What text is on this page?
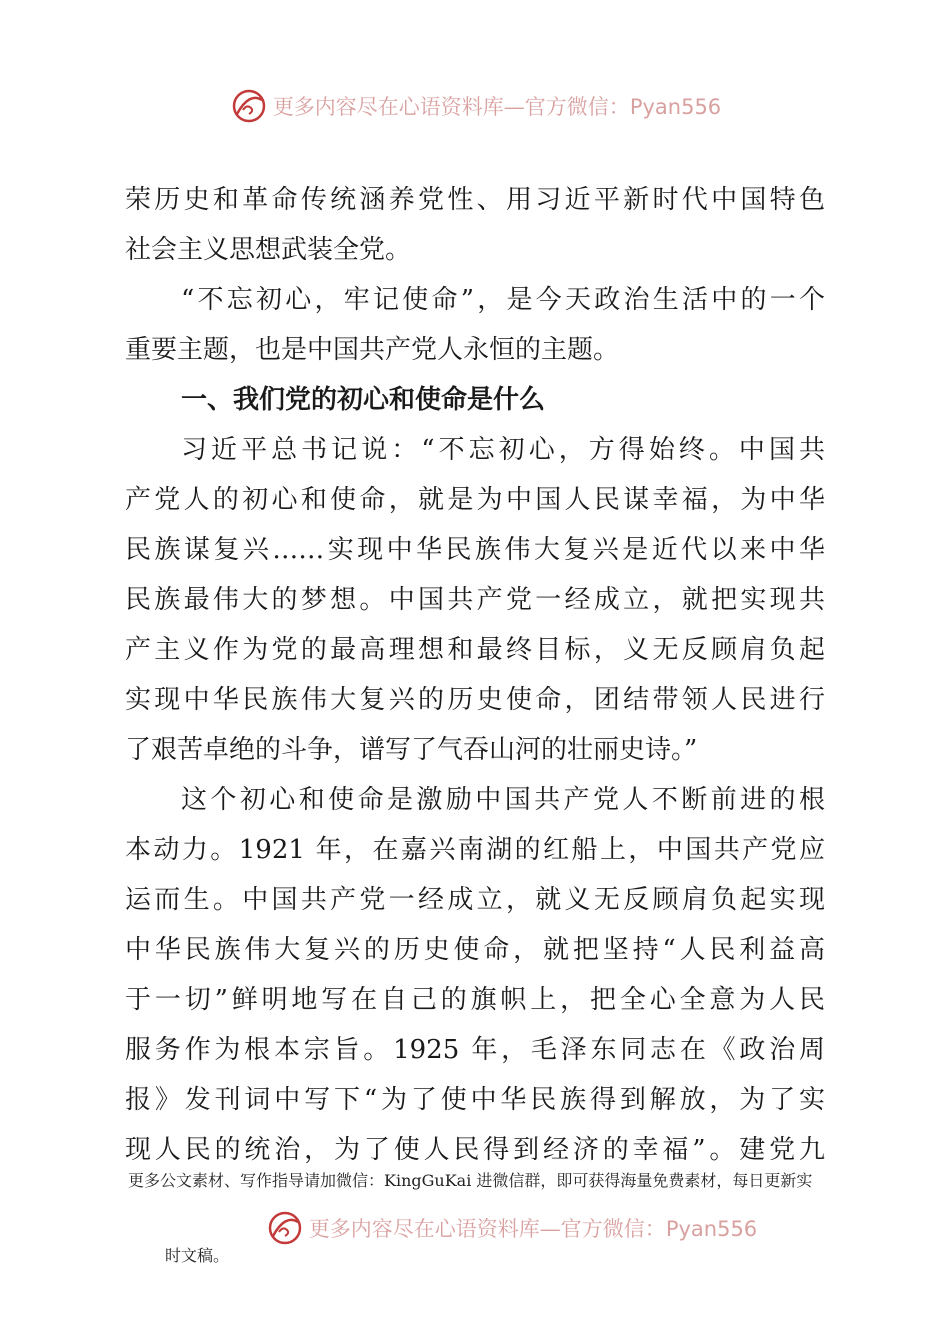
更多内容尽在心语资料库—官方微信：Pyan556
荣历史和革命传统涵养党性、用习近平新时代中国特色
社会主义思想武装全党。
“不忘初心，牢记使命”，是今天政治生活中的一个
重要主题，也是中国共产党人永恒的主题。
一、我们党的初心和使命是什么
习近平总书记说：“不忘初心，方得始终。中国共
产党人的初心和使命，就是为中国人民谋幸福，为中华
民族谋复兴……实现中华民族伟大复兴是近代以来中华
民族最伟大的梦想。中国共产党一经成立，就把实现共
产主义作为党的最高理想和最终目标，义无反顾肩负起
实现中华民族伟大复兴的历史使命，团结带领人民进行
了艰苦卓绝的斗争，谱写了气吞山河的壮丽史诗。”
这个初心和使命是激励中国共产党人不断前进的根
本动力。1921 年，在嘉兴南湖的红船上，中国共产党应
运而生。中国共产党一经成立，就义无反顾肩负起实现
中华民族伟大复兴的历史使命，就把坚持“人民利益高
于一切”鲜明地写在自己的旗帜上，把全心全意为人民
服务作为根本宗旨。1925 年，毛泽东同志在《政治周
报》发刊词中写下“为了使中华民族得到解放，为了实
现人民的统治，为了使人民得到经济的幸福”。建党九
更多公文素材、写作指导请加微信：KingGuKai 进微信群，即可获得海量免费素材，每日更新实
更多内容尽在心语资料库—官方微信：Pyan556
时文稿。
